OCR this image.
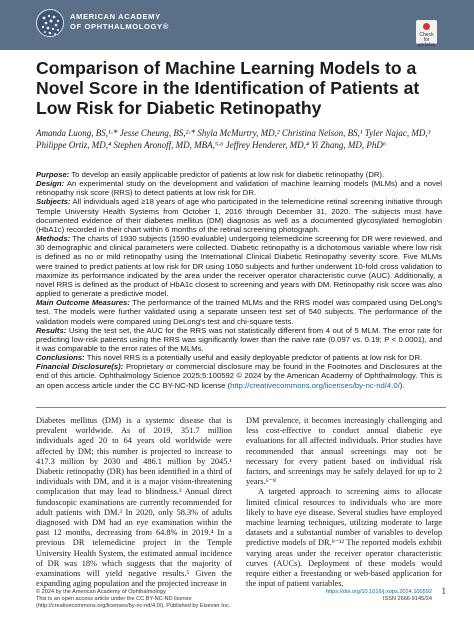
AMERICAN ACADEMY
OF OPHTHALMOLOGY®
Check for updates
Comparison of Machine Learning Models to a Novel Score in the Identification of Patients at Low Risk for Diabetic Retinopathy
Amanda Luong, BS,¹·* Jesse Cheung, BS,²·* Shyla McMurtry, MD,² Christina Nelson, BS,¹ Tyler Najac, MD,³ Philippe Ortiz, MD,⁴ Stephen Aronoff, MD, MBA,⁵·⁶ Jeffrey Henderer, MD,⁴ Yi Zhang, MD, PhD⁶

Purpose: To develop an easily applicable predictor of patients at low risk for diabetic retinopathy (DR).

Design: An experimental study on the development and validation of machine learning models (MLMs) and a novel retinopathy risk score (RRS) to detect patients at low risk for DR.

Subjects: All individuals aged ≥18 years of age who participated in the telemedicine retinal screening initiative through Temple University Health Systems from October 1, 2016 through December 31, 2020. The subjects must have documented evidence of their diabetes mellitus (DM) diagnosis as well as a documented glycosylated hemoglobin (HbA1c) recorded in their chart within 6 months of the retinal screening photograph.

Methods: The charts of 1930 subjects (1590 evaluable) undergoing telemedicine screening for DR were reviewed, and 30 demographic and clinical parameters were collected. Diabetic retinopathy is a dichotomous variable where low risk is defined as no or mild retinopathy using the International Clinical Diabetic Retinopathy severity score. Five MLMs were trained to predict patients at low risk for DR using 1050 subjects and further underwent 10-fold cross validation to maximize its performance indicated by the area under the receiver operator characteristic curve (AUC). Additionally, a novel RRS is defined as the product of HbA1c closest to screening and years with DM. Retinopathy risk score was also applied to generate a predictive model.

Main Outcome Measures: The performance of the trained MLMs and the RRS model was compared using DeLong's test. The models were further validated using a separate unseen test set of 540 subjects. The performance of the validation models were compared using DeLong's test and chi-square tests.

Results: Using the test set, the AUC for the RRS was not statistically different from 4 out of 5 MLM. The error rate for predicting low-risk patients using the RRS was significantly lower than the naive rate (0.097 vs. 0.19; P < 0.0001), and it was comparable to the error rates of the MLMs.

Conclusions: This novel RRS is a potentially useful and easily deployable predictor of patients at low risk for DR.

Financial Disclosure(s): Proprietary or commercial disclosure may be found in the Footnotes and Disclosures at the end of this article. Ophthalmology Science 2025;5:100592 © 2024 by the American Academy of Ophthalmology. This is an open access article under the CC BY-NC-ND license (http://creativecommons.org/licenses/by-nc-nd/4.0/).

Diabetes mellitus (DM) is a systemic disease that is prevalent worldwide. As of 2019, 351.7 million individuals aged 20 to 64 years old worldwide were affected by DM; this number is projected to increase to 417.3 million by 2030 and 486.1 million by 2045.¹ Diabetic retinopathy (DR) has been identified in a third of individuals with DM, and it is a major vision-threatening complication that may lead to blindness.² Annual direct fundoscopic examinations are currently recommended for adult patients with DM.³ In 2020, only 58.3% of adults diagnosed with DM had an eye examination within the past 12 months, decreasing from 64.8% in 2019.⁴ In a previous DR telemedicine project in the Temple University Health System, the estimated annual incidence of DR was 18% which suggests that the majority of examinations will yield negative results.⁵ Given the expanding aging population and the projected increase in

DM prevalence, it becomes increasingly challenging and less cost-effective to conduct annual diabetic eye evaluations for all affected individuals. Prior studies have recommended that annual screenings may not be necessary for every patient based on individual risk factors, and screenings may be safely delayed for up to 2 years.⁶⁻⁸

A targeted approach to screening aims to allocate limited clinical resources to individuals who are more likely to have eye disease. Several studies have employed machine learning techniques, utilizing moderate to large datasets and a substantial number of variables to develop predictive models of DR.⁹⁻¹² The reported models exhibit varying areas under the receiver operator characteristic curves (AUCs). Deployment of these models would require either a freestanding or web-based application for the input of patient variables.

© 2024 by the American Academy of Ophthalmology
This is an open access article under the CC BY-NC-ND license
(http://creativecommons.org/licenses/by-nc-nd/4.0/). Published by Elsevier Inc.
https://doi.org/10.1016/j.xops.2024.100592
ISSN 2666-9145/24
1
